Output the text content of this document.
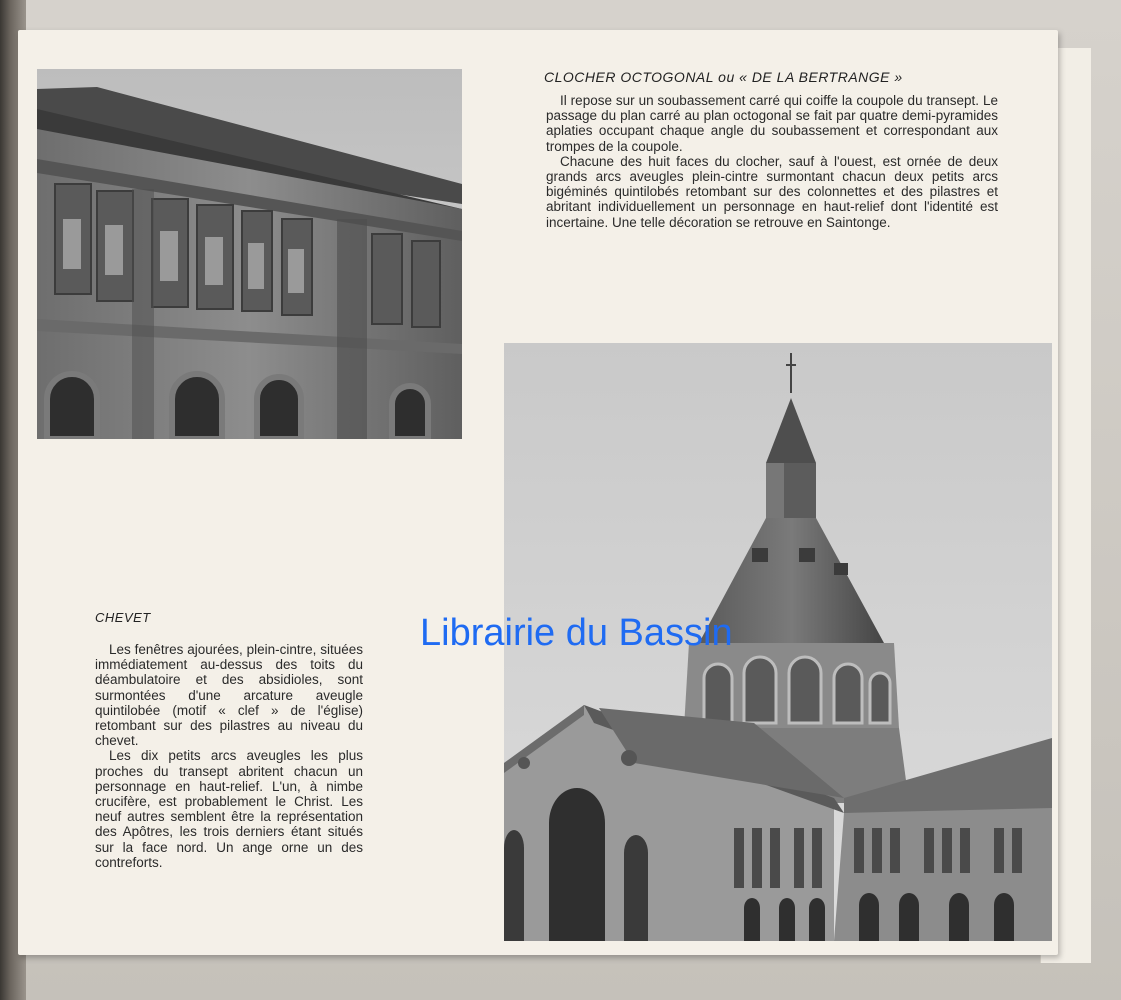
CLOCHER OCTOGONAL ou « DE LA BERTRANGE »

Il repose sur un soubassement carré qui coiffe la coupole du transept. Le passage du plan carré au plan octogonal se fait par quatre demi-pyramides aplaties occupant chaque angle du soubassement et correspondant aux trompes de la coupole.

Chacune des huit faces du clocher, sauf à l'ouest, est ornée de deux grands arcs aveugles plein-cintre surmontant chacun deux petits arcs bigéminés quintilobés retombant sur des colonnettes et des pilastres et abritant individuellement un personnage en haut-relief dont l'identité est incertaine. Une telle décoration se retrouve en Saintonge.

CHEVET

Les fenêtres ajourées, plein-cintre, situées immédiatement au-dessus des toits du déambulatoire et des absidioles, sont surmontées d'une arcature aveugle quintilobée (motif « clef » de l'église) retombant sur des pilastres au niveau du chevet.

Les dix petits arcs aveugles les plus proches du transept abritent chacun un personnage en haut-relief. L'un, à nimbe crucifère, est probablement le Christ. Les neuf autres semblent être la représentation des Apôtres, les trois derniers étant situés sur la face nord. Un ange orne un des contreforts.

Librairie du Bassin
